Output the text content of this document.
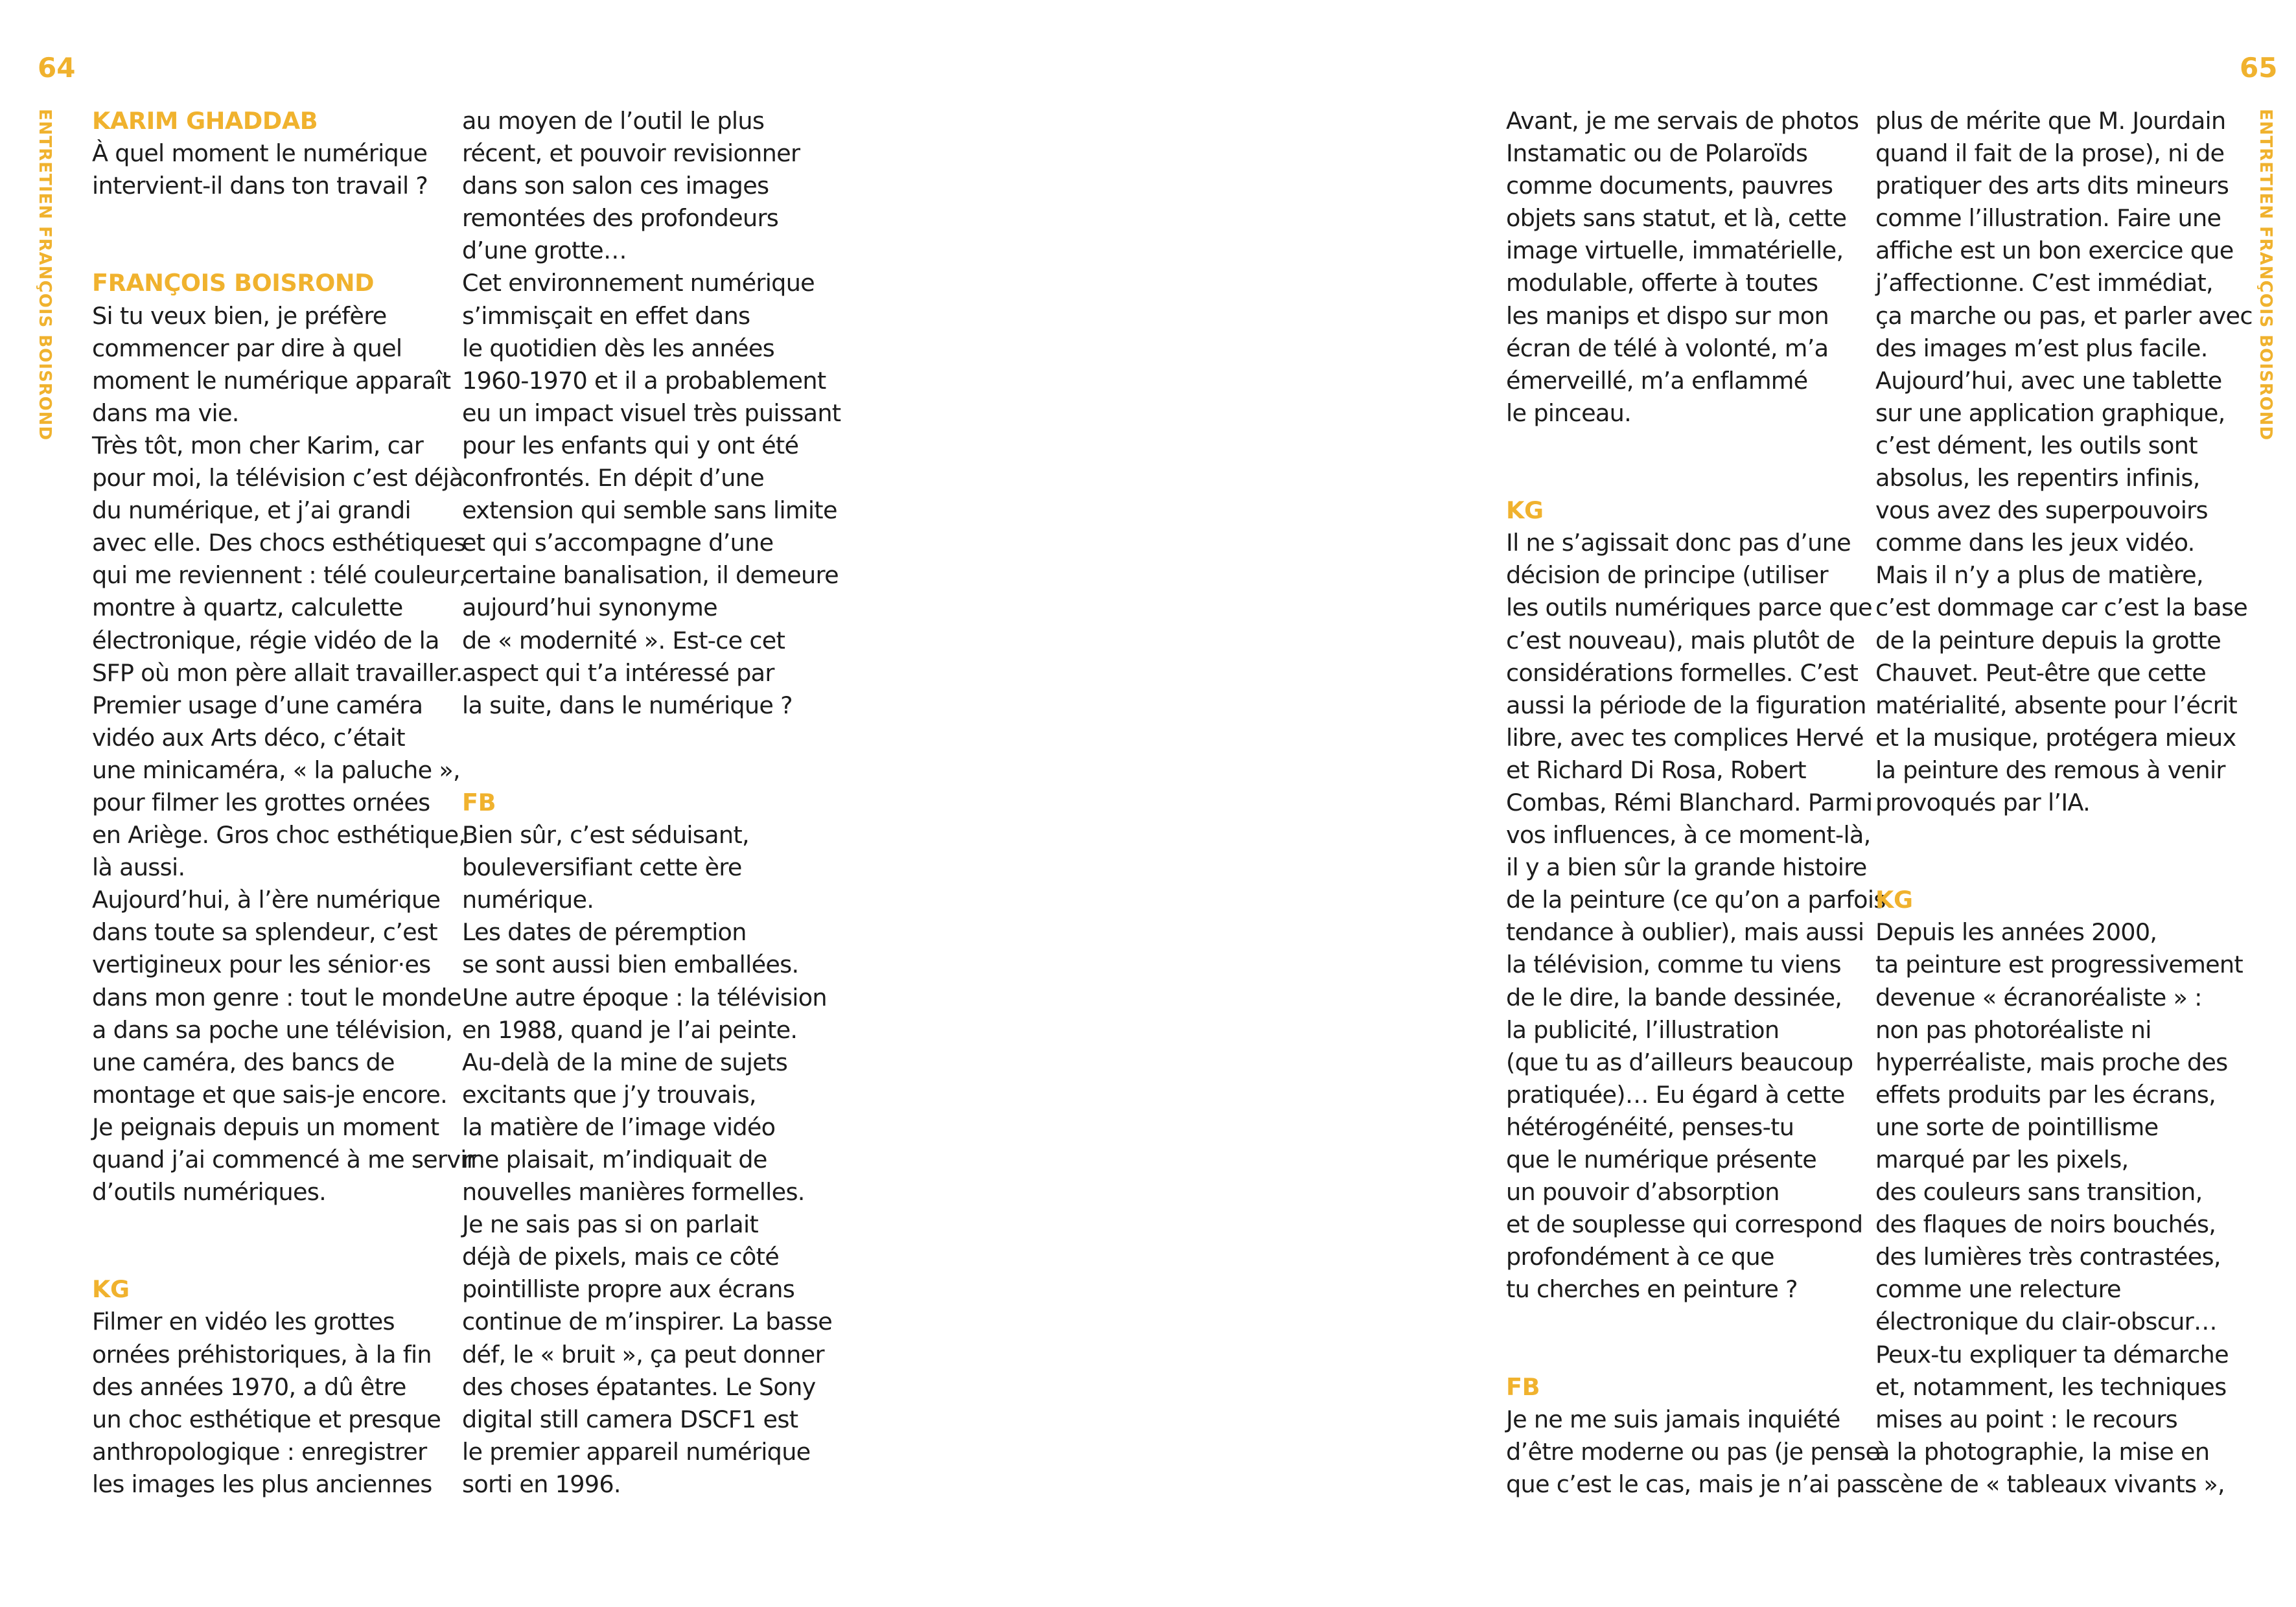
64
ENTRETIEN FRANÇOIS BOISROND KARIM GHADDAB
À quel moment le numérique
intervient-il dans ton travail ?
FRANÇOIS BOISROND
Si tu veux bien, je préfère
commencer par dire à quel
moment le numérique apparaît
dans ma vie.
Très tôt, mon cher Karim, car
pour moi, la télévision c’est déjà
du numérique, et j’ai grandi
avec elle. Des chocs esthétiques
qui me reviennent : télé couleur,
montre à quartz, calculette
électronique, régie vidéo de la
SFP où mon père allait travailler.
Premier usage d’une caméra
vidéo aux Arts déco, c’était
une minicaméra, « la paluche »,
pour filmer les grottes ornées
en Ariège. Gros choc esthétique,
là aussi.
Aujourd’hui, à l’ère numérique
dans toute sa splendeur, c’est
vertigineux pour les sénior·es
dans mon genre : tout le monde
a dans sa poche une télévision,
une caméra, des bancs de
montage et que sais-je encore.
Je peignais depuis un moment
quand j’ai commencé à me servir
d’outils numériques.
KG
Filmer en vidéo les grottes
ornées préhistoriques, à la fin
des années 1970, a dû être
un choc esthétique et presque
anthropologique : enregistrer
les images les plus anciennes
au moyen de l’outil le plus
récent, et pouvoir revisionner
dans son salon ces images
remontées des profondeurs
d’une grotte…
Cet environnement numérique
s’immisçait en effet dans
le quotidien dès les années
1960-1970 et il a probablement
eu un impact visuel très puissant
pour les enfants qui y ont été
confrontés. En dépit d’une
extension qui semble sans limite
et qui s’accompagne d’une
certaine banalisation, il demeure
aujourd’hui synonyme
de « modernité ». Est-ce cet
aspect qui t’a intéressé par
la suite, dans le numérique ?
FB
Bien sûr, c’est séduisant,
bouleversifiant cette ère
numérique.
Les dates de péremption
se sont aussi bien emballées.
Une autre époque : la télévision
en 1988, quand je l’ai peinte.
Au-delà de la mine de sujets
excitants que j’y trouvais,
la matière de l’image vidéo
me plaisait, m’indiquait de
nouvelles manières formelles.
Je ne sais pas si on parlait
déjà de pixels, mais ce côté
pointilliste propre aux écrans
continue de m’inspirer. La basse
déf, le « bruit », ça peut donner
des choses épatantes. Le Sony
digital still camera DSCF1 est
le premier appareil numérique
sorti en 1996.
Avant, je me servais de photos
Instamatic ou de Polaroïds
comme documents, pauvres
objets sans statut, et là, cette
image virtuelle, immatérielle,
modulable, offerte à toutes
les manips et dispo sur mon
écran de télé à volonté, m’a
émerveillé, m’a enflammé
le pinceau.
KG
Il ne s’agissait donc pas d’une
décision de principe (utiliser
les outils numériques parce que
c’est nouveau), mais plutôt de
considérations formelles. C’est
aussi la période de la figuration
libre, avec tes complices Hervé
et Richard Di Rosa, Robert
Combas, Rémi Blanchard. Parmi
vos influences, à ce moment-là,
il y a bien sûr la grande histoire
de la peinture (ce qu’on a parfois
tendance à oublier), mais aussi
la télévision, comme tu viens
de le dire, la bande dessinée,
la publicité, l’illustration
(que tu as d’ailleurs beaucoup
pratiquée)… Eu égard à cette
hétérogénéité, penses-tu
que le numérique présente
un pouvoir d’absorption
et de souplesse qui correspond
profondément à ce que
tu cherches en peinture ?
FB
Je ne me suis jamais inquiété
d’être moderne ou pas (je pense
que c’est le cas, mais je n’ai pas
plus de mérite que M. Jourdain
quand il fait de la prose), ni de
pratiquer des arts dits mineurs
comme l’illustration. Faire une
affiche est un bon exercice que
j’affectionne. C’est immédiat,
ça marche ou pas, et parler avec
des images m’est plus facile.
Aujourd’hui, avec une tablette
sur une application graphique,
c’est dément, les outils sont
absolus, les repentirs infinis,
vous avez des superpouvoirs
comme dans les jeux vidéo.
Mais il n’y a plus de matière,
c’est dommage car c’est la base
de la peinture depuis la grotte
Chauvet. Peut-être que cette
matérialité, absente pour l’écrit
et la musique, protégera mieux
la peinture des remous à venir
provoqués par l’IA.
KG
Depuis les années 2000,
ta peinture est progressivement
devenue « écranoréaliste » :
non pas photoréaliste ni
hyperréaliste, mais proche des
effets produits par les écrans,
une sorte de pointillisme
marqué par les pixels,
des couleurs sans transition,
des flaques de noirs bouchés,
des lumières très contrastées,
comme une relecture
électronique du clair-obscur…
Peux-tu expliquer ta démarche
et, notamment, les techniques
mises au point : le recours
à la photographie, la mise en
scène de « tableaux vivants »,
65
ENTRETIEN FRANÇOIS BOISROND
